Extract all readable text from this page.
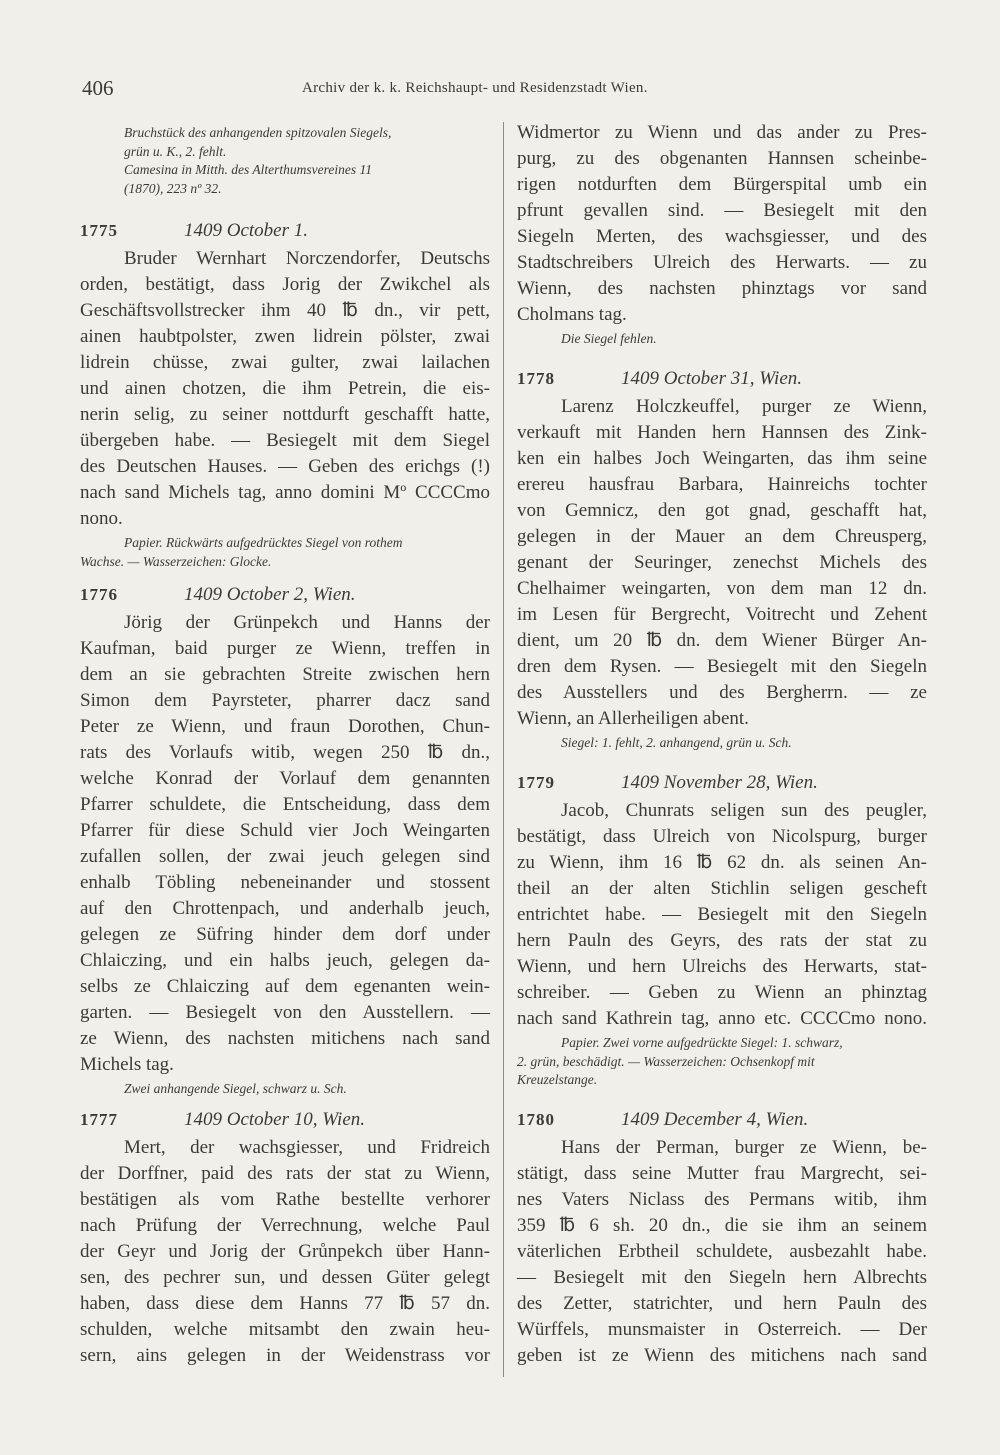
406	Archiv der k. k. Reichshaupt- und Residenzstadt Wien.
Bruchstück des anhangenden spitzovalen Siegels,
grün u. K., 2. fehlt.
Camesina in Mitth. des Alterthumsvereines 11
(1870), 223 nº 32.
1775	1409 October 1.
Bruder Wernhart Norczendorfer, Deutschs
orden, bestätigt, dass Jorig der Zwikchel als
Geschäftsvollstrecker ihm 40 ℔ dn., vir pett,
ainen haubtpolster, zwen lidrein pölster, zwai
lidrein chüsse, zwai gulter, zwai lailachen
und ainen chotzen, die ihm Petrein, die eis-
nerin selig, zu seiner nottdurft geschafft hatte,
übergeben habe. — Besiegelt mit dem Siegel
des Deutschen Hauses. — Geben des erichgs (!)
nach sand Michels tag, anno domini Mº CCCCmo
nono.
Papier. Rückwärts aufgedrücktes Siegel von rothem
Wachse. — Wasserzeichen: Glocke.
1776	1409 October 2, Wien.
Jörig der Grünpekch und Hanns der
Kaufman, baid purger ze Wienn, treffen in
dem an sie gebrachten Streite zwischen hern
Simon dem Payrsteter, pharrer dacz sand
Peter ze Wienn, und fraun Dorothen, Chun-
rats des Vorlaufs witib, wegen 250 ℔ dn.,
welche Konrad der Vorlauf dem genannten
Pfarrer schuldete, die Entscheidung, dass dem
Pfarrer für diese Schuld vier Joch Weingarten
zufallen sollen, der zwai jeuch gelegen sind
enhalb Töbling nebeneinander und stossent
auf den Chrottenpach, und anderhalb jeuch,
gelegen ze Süfring hinder dem dorf under
Chlaiczing, und ein halbs jeuch, gelegen da-
selbs ze Chlaiczing auf dem egenanten wein-
garten. — Besiegelt von den Ausstellern. —
ze Wienn, des nachsten mitichens nach sand
Michels tag.
Zwei anhangende Siegel, schwarz u. Sch.
1777	1409 October 10, Wien.
Mert, der wachsgiesser, und Fridreich
der Dorffner, paid des rats der stat zu Wienn,
bestätigen als vom Rathe bestellte verhorer
nach Prüfung der Verrechnung, welche Paul
der Geyr und Jorig der Grůnpekch über Hann-
sen, des pechrer sun, und dessen Güter gelegt
haben, dass diese dem Hanns 77 ℔ 57 dn.
schulden, welche mitsambt den zwain heu-
sern, ains gelegen in der Weidenstrass vor
Widmertor zu Wienn und das ander zu Pres-
purg, zu des obgenanten Hannsen scheinbe-
rigen notdurften dem Bürgerspital umb ein
pfrunt gevallen sind. — Besiegelt mit den
Siegeln Merten, des wachsgiesser, und des
Stadtschreibers Ulreich des Herwarts. — zu
Wienn, des nachsten phinztags vor sand
Cholmans tag.
Die Siegel fehlen.
1778	1409 October 31, Wien.
Larenz Holczkeuffel, purger ze Wienn,
verkauft mit Handen hern Hannsen des Zink-
ken ein halbes Joch Weingarten, das ihm seine
erereu hausfrau Barbara, Hainreichs tochter
von Gemnicz, den got gnad, geschafft hat,
gelegen in der Mauer an dem Chreusperg,
genant der Seuringer, zenechst Michels des
Chelhaimer weingarten, von dem man 12 dn.
im Lesen für Bergrecht, Voitrecht und Zehent
dient, um 20 ℔ dn. dem Wiener Bürger An-
dren dem Rysen. — Besiegelt mit den Siegeln
des Ausstellers und des Bergherrn. — ze
Wienn, an Allerheiligen abent.
Siegel: 1. fehlt, 2. anhangend, grün u. Sch.
1779	1409 November 28, Wien.
Jacob, Chunrats seligen sun des peugler,
bestätigt, dass Ulreich von Nicolspurg, burger
zu Wienn, ihm 16 ℔ 62 dn. als seinen An-
theil an der alten Stichlin seligen gescheft
entrichtet habe. — Besiegelt mit den Siegeln
hern Pauln des Geyrs, des rats der stat zu
Wienn, und hern Ulreichs des Herwarts, stat-
schreiber. — Geben zu Wienn an phinztag
nach sand Kathrein tag, anno etc. CCCCmo nono.
Papier. Zwei vorne aufgedrückte Siegel: 1. schwarz,
2. grün, beschädigt. — Wasserzeichen: Ochsenkopf mit
Kreuzelstange.
1780	1409 December 4, Wien.
Hans der Perman, burger ze Wienn, be-
stätigt, dass seine Mutter frau Margrecht, sei-
nes Vaters Niclass des Permans witib, ihm
359 ℔ 6 sh. 20 dn., die sie ihm an seinem
väterlichen Erbtheil schuldete, ausbezahlt habe.
— Besiegelt mit den Siegeln hern Albrechts
des Zetter, statrichter, und hern Pauln des
Würffels, munsmaister in Osterreich. — Der
geben ist ze Wienn des mitichens nach sand
